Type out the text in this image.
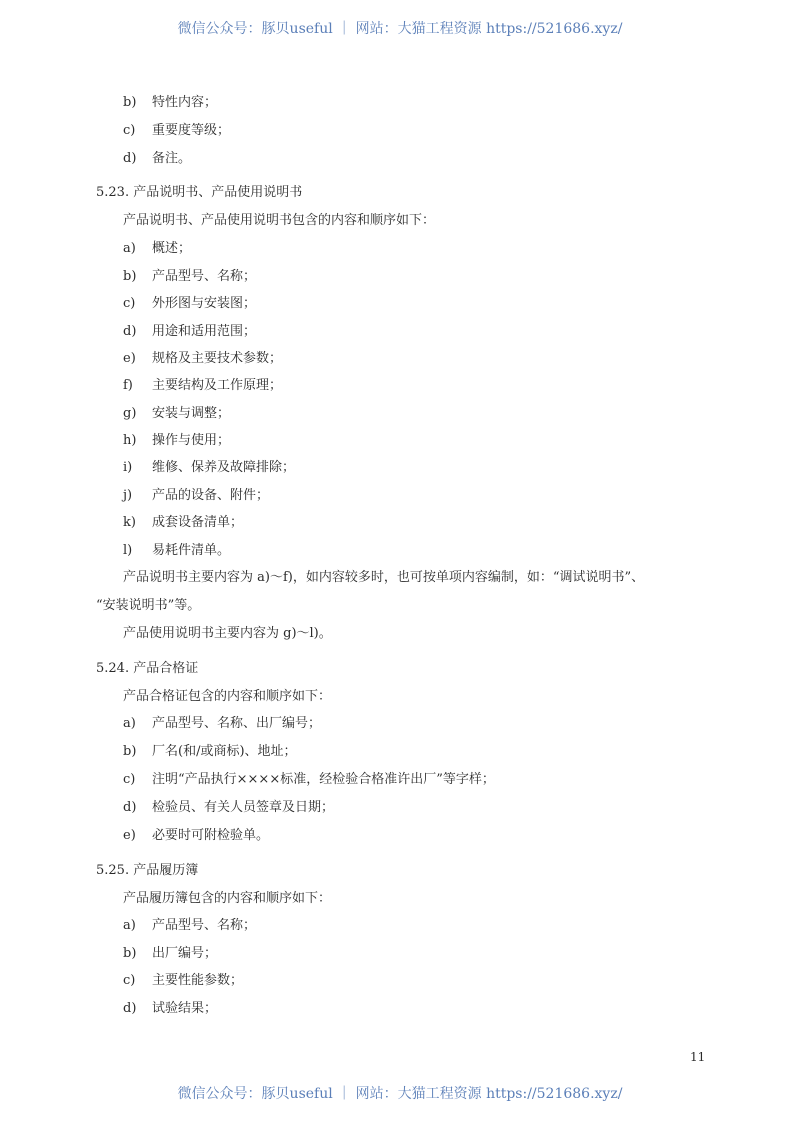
微信公众号：豚贝useful ｜ 网站：大猫工程资源 https://521686.xyz/
b)	特性内容；
c)	重要度等级；
d)	备注。
5.23. 产品说明书、产品使用说明书
产品说明书、产品使用说明书包含的内容和顺序如下：
a)	概述；
b)	产品型号、名称；
c)	外形图与安装图；
d)	用途和适用范围；
e)	规格及主要技术参数；
f)	主要结构及工作原理；
g)	安装与调整；
h)	操作与使用；
i)	维修、保养及故障排除；
j)	产品的设备、附件；
k)	成套设备清单；
l)	易耗件清单。
产品说明书主要内容为 a)～f)，如内容较多时，也可按单项内容编制，如：“调试说明书”、
“安装说明书”等。
产品使用说明书主要内容为 g)～l)。
5.24. 产品合格证
产品合格证包含的内容和顺序如下：
a)	产品型号、名称、出厂编号；
b)	厂名(和/或商标)、地址；
c)	注明“产品执行××××标准，经检验合格准许出厂”等字样；
d)	检验员、有关人员签章及日期；
e)	必要时可附检验单。
5.25. 产品履历簿
产品履历簿包含的内容和顺序如下：
a)	产品型号、名称；
b)	出厂编号；
c)	主要性能参数；
d)	试验结果；
11
微信公众号：豚贝useful ｜ 网站：大猫工程资源 https://521686.xyz/
